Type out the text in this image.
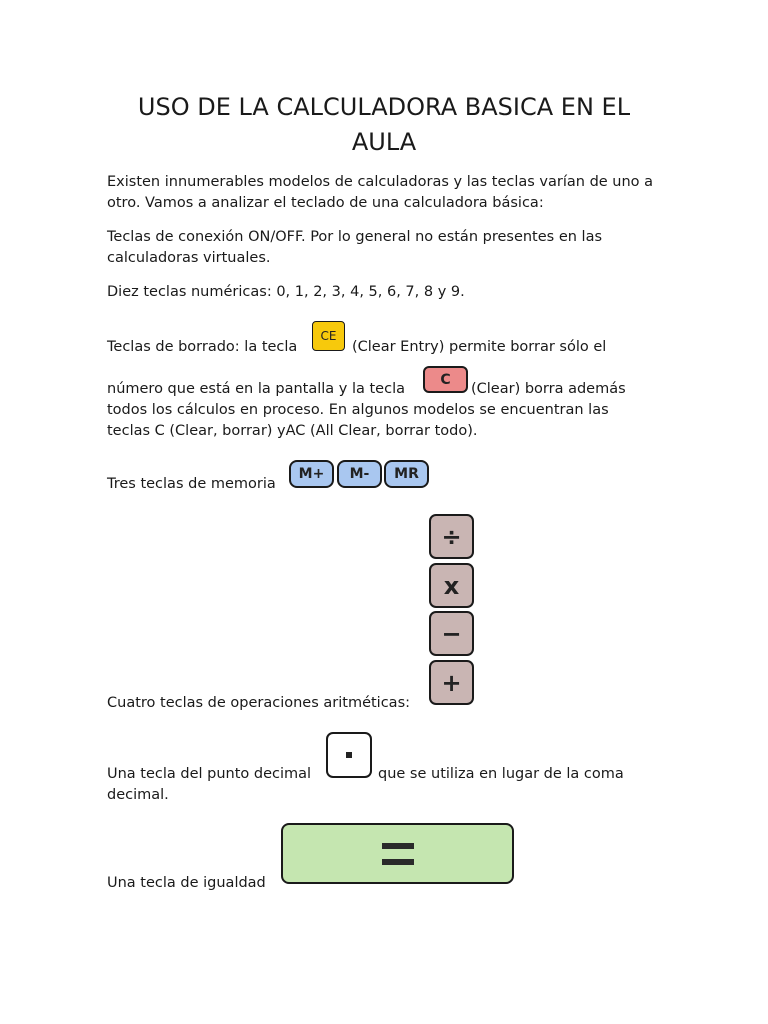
USO DE LA CALCULADORA BASICA EN EL AULA

Existen innumerables modelos de calculadoras y las teclas varían de uno a otro. Vamos a analizar el teclado de una calculadora básica:

Teclas de conexión ON/OFF. Por lo general no están presentes en las calculadoras virtuales.

Diez teclas numéricas: 0, 1, 2, 3, 4, 5, 6, 7, 8 y 9.
Teclas de borrado: la tecla
CE
(Clear Entry) permite borrar sólo el
número que está en la pantalla y la tecla
C
(Clear) borra además
todos los cálculos en proceso. En algunos modelos se encuentran las
teclas C (Clear, borrar) yAC (All Clear, borrar todo).
Tres teclas de memoria
M+	M-	MR
÷
x
−
+
Cuatro teclas de operaciones aritméticas:
Una tecla del punto decimal	que se utiliza en lugar de la coma
decimal.
Una tecla de igualdad
